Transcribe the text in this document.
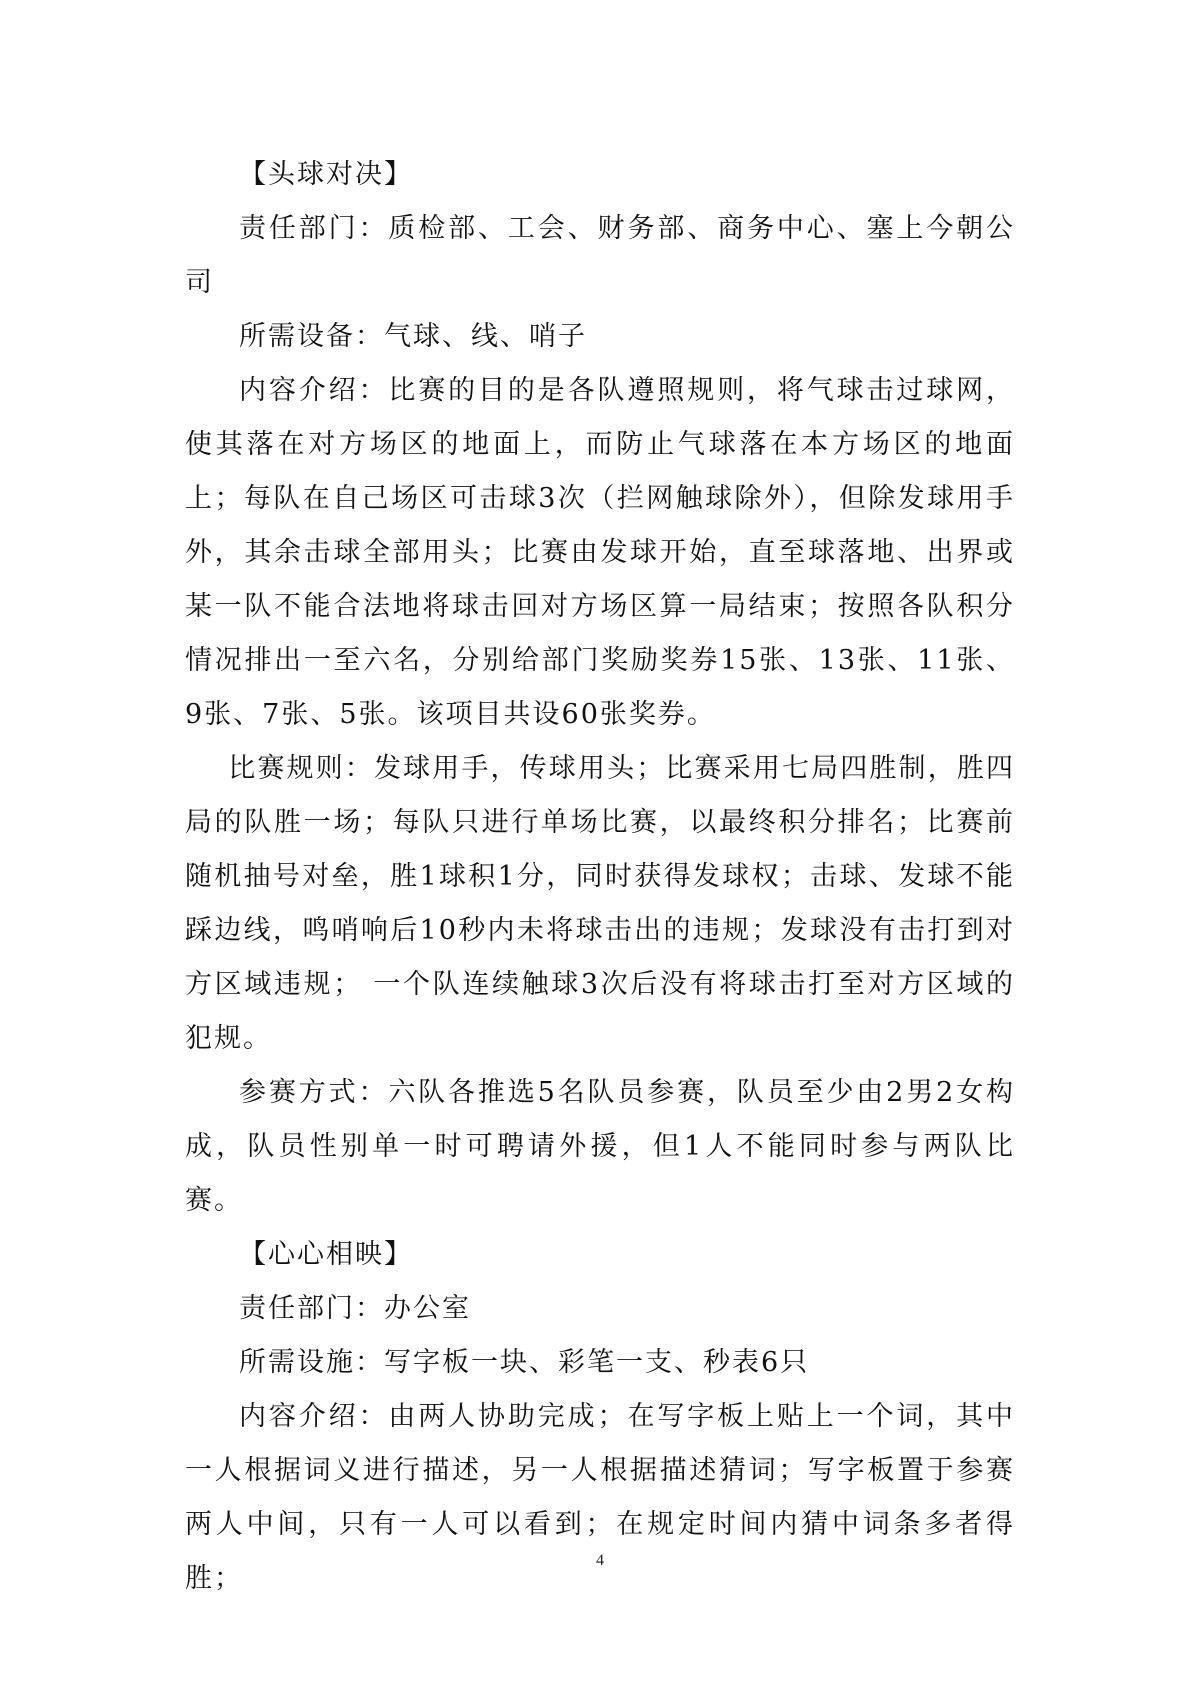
【头球对决】

责任部门：质检部、工会、财务部、商务中心、塞上今朝公司

所需设备：气球、线、哨子

内容介绍：比赛的目的是各队遵照规则，将气球击过球网，使其落在对方场区的地面上，而防止气球落在本方场区的地面上；每队在自己场区可击球3次（拦网触球除外），但除发球用手外，其余击球全部用头；比赛由发球开始，直至球落地、出界或某一队不能合法地将球击回对方场区算一局结束；按照各队积分情况排出一至六名，分别给部门奖励奖券15张、13张、11张、9张、7张、5张。该项目共设60张奖券。

比赛规则：发球用手，传球用头；比赛采用七局四胜制，胜四局的队胜一场；每队只进行单场比赛，以最终积分排名；比赛前随机抽号对垒，胜1球积1分，同时获得发球权；击球、发球不能踩边线，鸣哨响后10秒内未将球击出的违规；发球没有击打到对方区域违规； 一个队连续触球3次后没有将球击打至对方区域的犯规。

参赛方式：六队各推选5名队员参赛，队员至少由2男2女构成，队员性别单一时可聘请外援，但1人不能同时参与两队比赛。

【心心相映】

责任部门：办公室

所需设施：写字板一块、彩笔一支、秒表6只

内容介绍：由两人协助完成；在写字板上贴上一个词，其中一人根据词义进行描述，另一人根据描述猜词；写字板置于参赛两人中间，只有一人可以看到；在规定时间内猜中词条多者得胜；

4
